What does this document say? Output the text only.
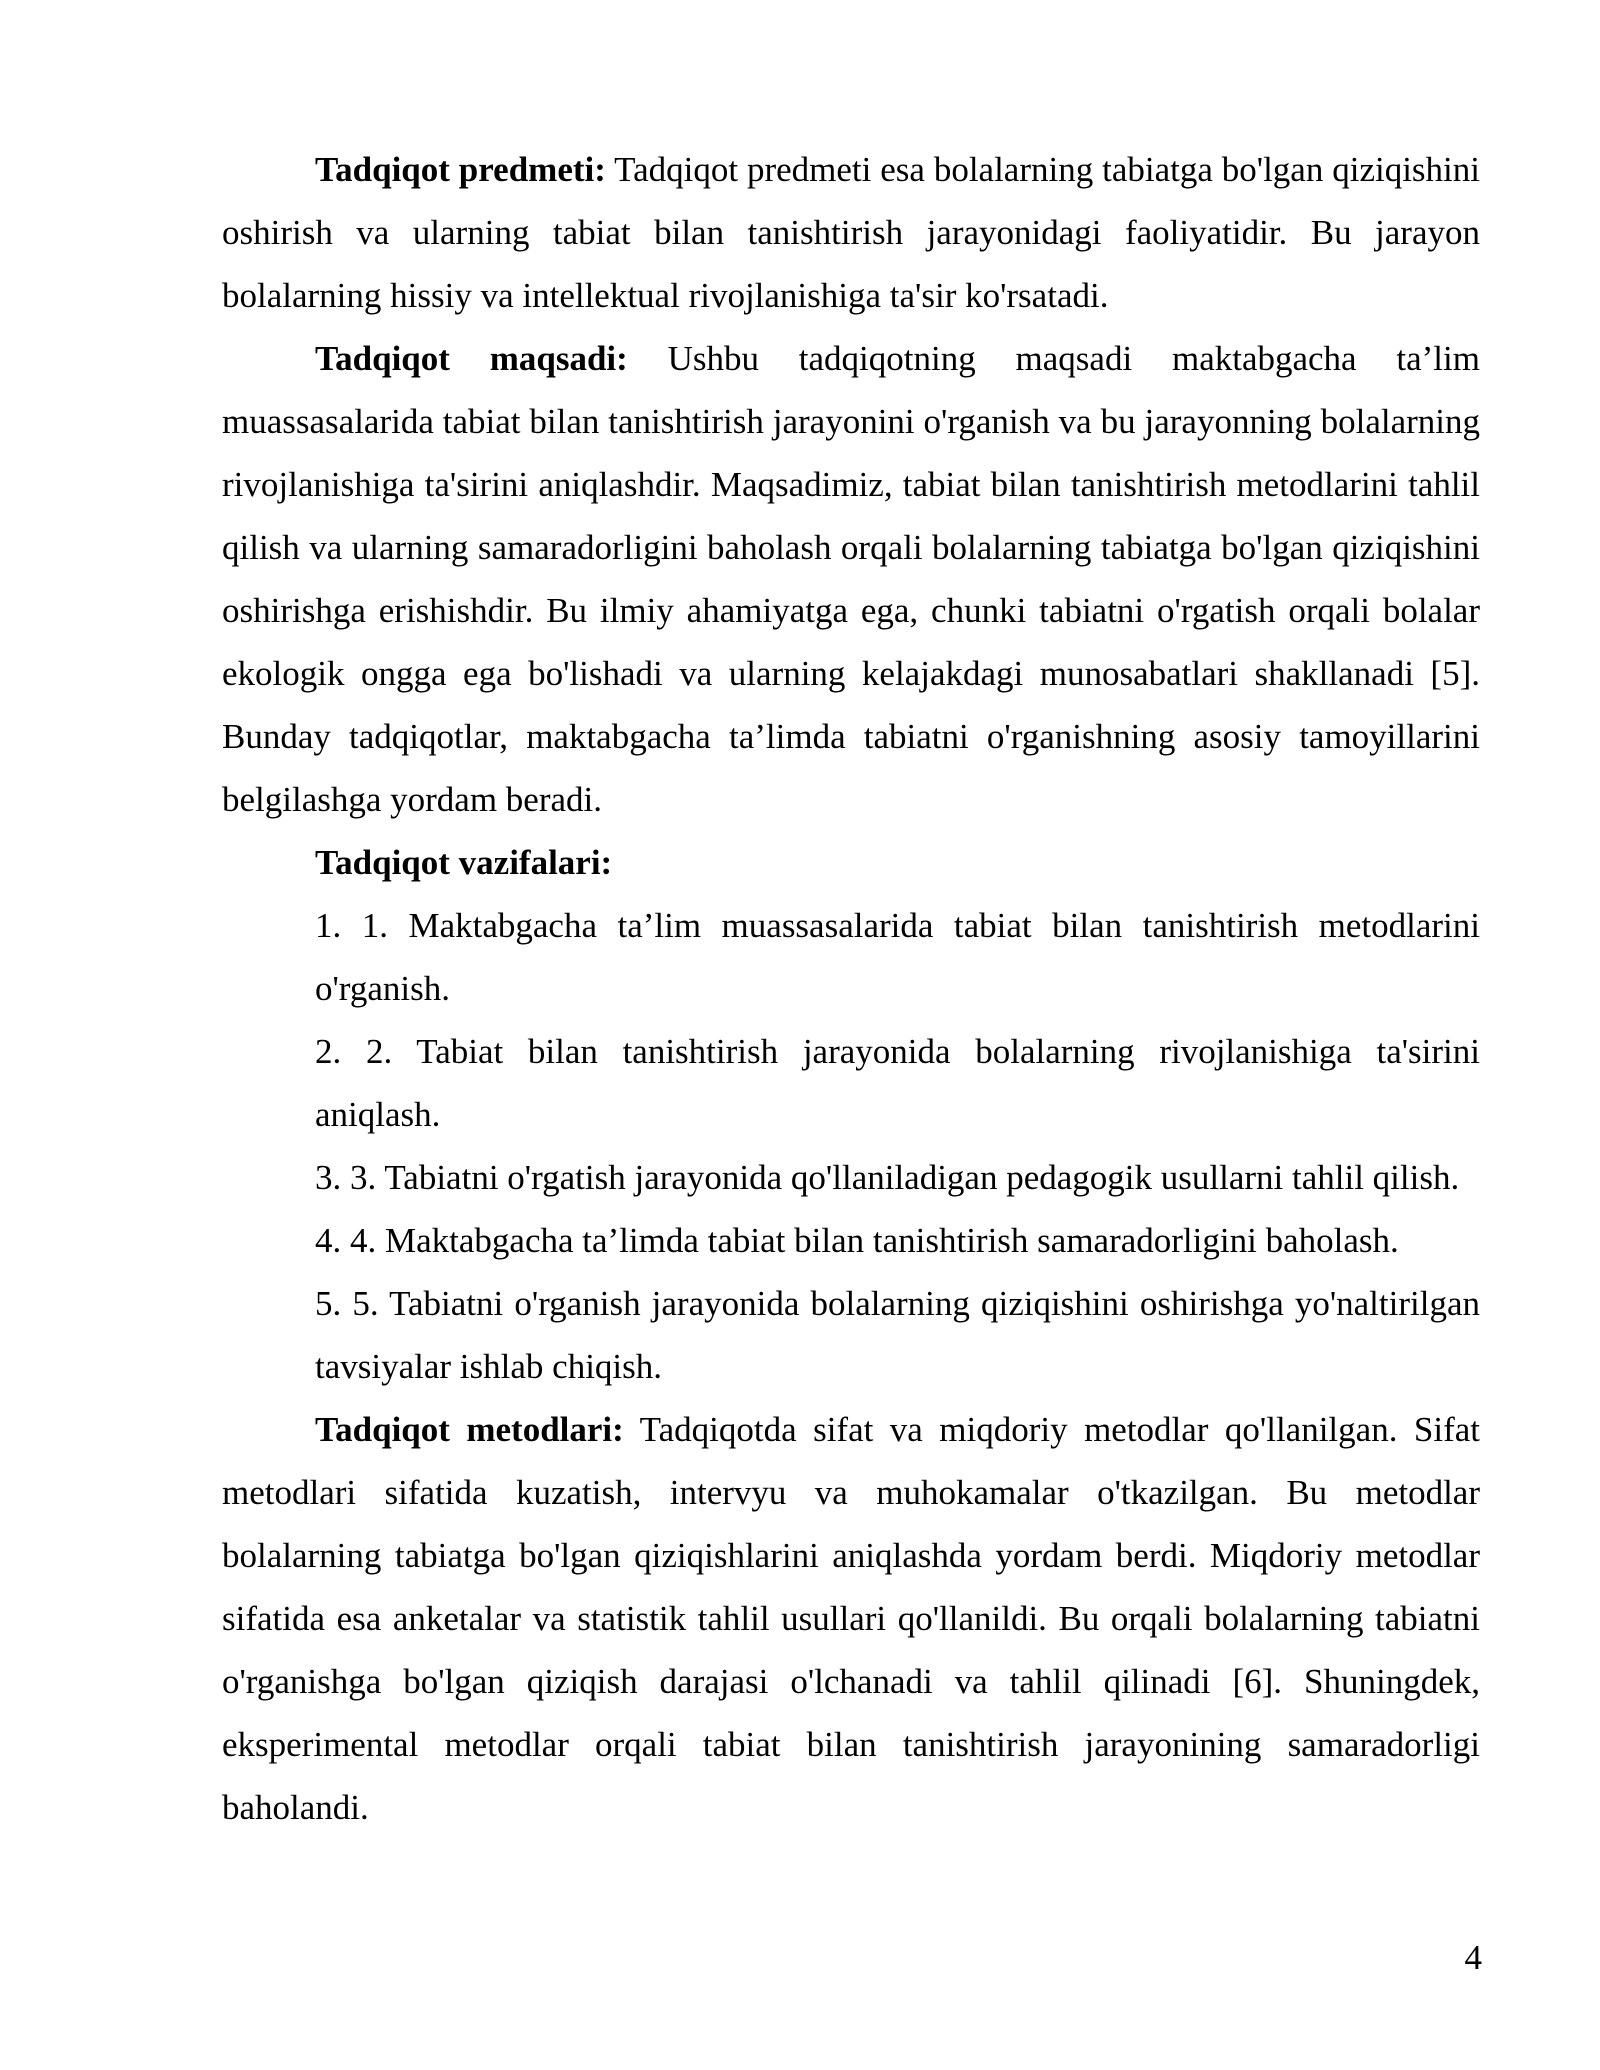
Tadqiqot predmeti: Tadqiqot predmeti esa bolalarning tabiatga bo'lgan qiziqishini oshirish va ularning tabiat bilan tanishtirish jarayonidagi faoliyatidir. Bu jarayon bolalarning hissiy va intellektual rivojlanishiga ta'sir ko'rsatadi.

Tadqiqot maqsadi: Ushbu tadqiqotning maqsadi maktabgacha ta’lim muassasalarida tabiat bilan tanishtirish jarayonini o'rganish va bu jarayonning bolalarning rivojlanishiga ta'sirini aniqlashdir. Maqsadimiz, tabiat bilan tanishtirish metodlarini tahlil qilish va ularning samaradorligini baholash orqali bolalarning tabiatga bo'lgan qiziqishini oshirishga erishishdir. Bu ilmiy ahamiyatga ega, chunki tabiatni o'rgatish orqali bolalar ekologik ongga ega bo'lishadi va ularning kelajakdagi munosabatlari shakllanadi [5]. Bunday tadqiqotlar, maktabgacha ta’limda tabiatni o'rganishning asosiy tamoyillarini belgilashga yordam beradi.

Tadqiqot vazifalari:

1. 1. Maktabgacha ta’lim muassasalarida tabiat bilan tanishtirish metodlarini o'rganish.

2. 2. Tabiat bilan tanishtirish jarayonida bolalarning rivojlanishiga ta'sirini aniqlash.

3. 3. Tabiatni o'rgatish jarayonida qo'llaniladigan pedagogik usullarni tahlil qilish.

4. 4. Maktabgacha ta’limda tabiat bilan tanishtirish samaradorligini baholash.

5. 5. Tabiatni o'rganish jarayonida bolalarning qiziqishini oshirishga yo'naltirilgan tavsiyalar ishlab chiqish.

Tadqiqot metodlari: Tadqiqotda sifat va miqdoriy metodlar qo'llanilgan. Sifat metodlari sifatida kuzatish, intervyu va muhokamalar o'tkazilgan. Bu metodlar bolalarning tabiatga bo'lgan qiziqishlarini aniqlashda yordam berdi. Miqdoriy metodlar sifatida esa anketalar va statistik tahlil usullari qo'llanildi. Bu orqali bolalarning tabiatni o'rganishga bo'lgan qiziqish darajasi o'lchanadi va tahlil qilinadi [6]. Shuningdek, eksperimental metodlar orqali tabiat bilan tanishtirish jarayonining samaradorligi baholandi.

4
